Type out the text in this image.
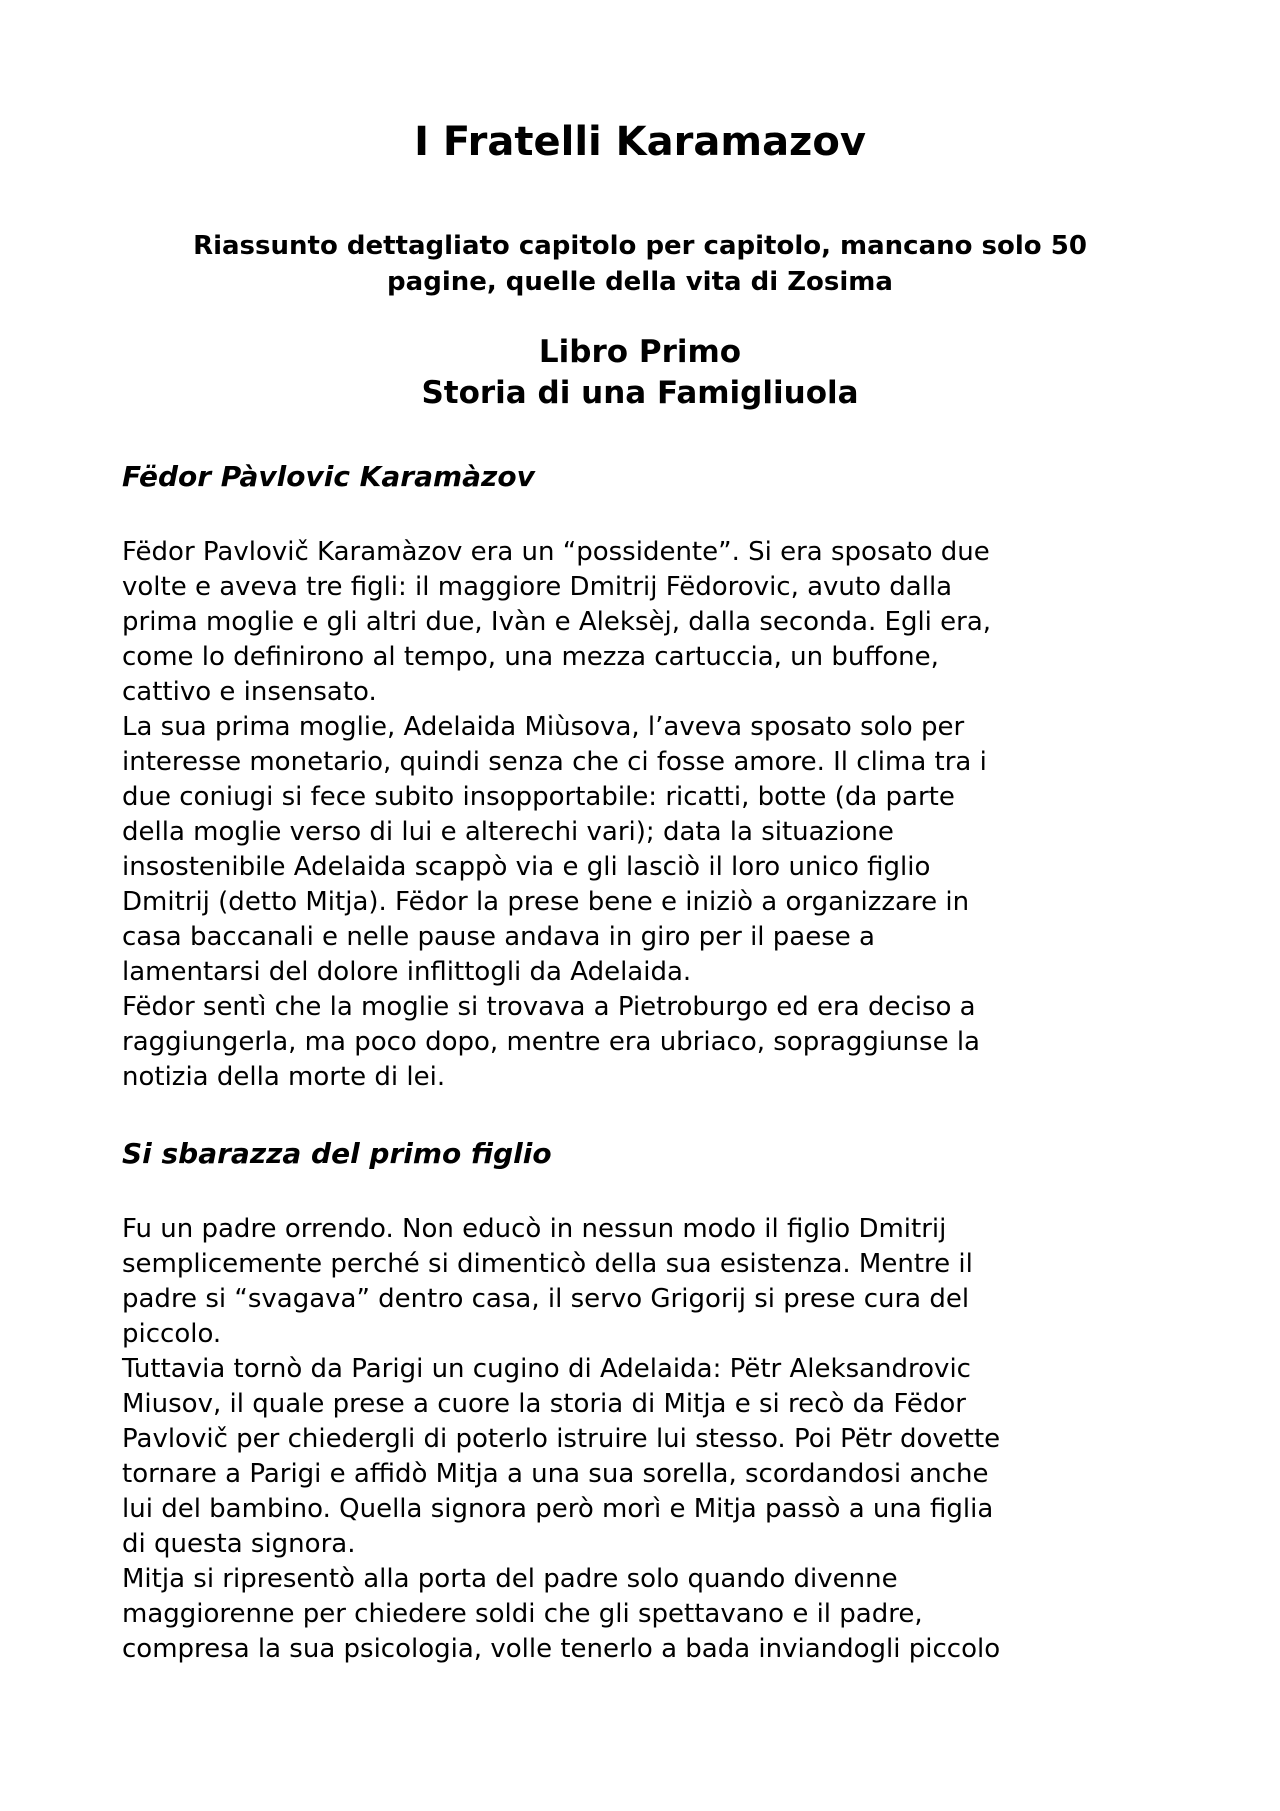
I Fratelli Karamazov
Riassunto dettagliato capitolo per capitolo, mancano solo 50
pagine, quelle della vita di Zosima
Libro Primo
Storia di una Famigliuola
Fëdor Pàvlovic Karamàzov
Fëdor Pavlovič Karamàzov era un “possidente”. Si era sposato due
volte e aveva tre figli: il maggiore Dmitrij Fëdorovic, avuto dalla
prima moglie e gli altri due, Ivàn e Aleksèj, dalla seconda. Egli era,
come lo definirono al tempo, una mezza cartuccia, un buffone,
cattivo e insensato.
La sua prima moglie, Adelaida Miùsova, l’aveva sposato solo per
interesse monetario, quindi senza che ci fosse amore. Il clima tra i
due coniugi si fece subito insopportabile: ricatti, botte (da parte
della moglie verso di lui e alterechi vari); data la situazione
insostenibile Adelaida scappò via e gli lasciò il loro unico figlio
Dmitrij (detto Mitja). Fëdor la prese bene e iniziò a organizzare in
casa baccanali e nelle pause andava in giro per il paese a
lamentarsi del dolore inflittogli da Adelaida.
Fëdor sentì che la moglie si trovava a Pietroburgo ed era deciso a
raggiungerla, ma poco dopo, mentre era ubriaco, sopraggiunse la
notizia della morte di lei.
Si sbarazza del primo figlio
Fu un padre orrendo. Non educò in nessun modo il figlio Dmitrij
semplicemente perché si dimenticò della sua esistenza. Mentre il
padre si “svagava” dentro casa, il servo Grigorij si prese cura del
piccolo.
Tuttavia tornò da Parigi un cugino di Adelaida: Pëtr Aleksandrovic
Miusov, il quale prese a cuore la storia di Mitja e si recò da Fëdor
Pavlovič per chiedergli di poterlo istruire lui stesso. Poi Pëtr dovette
tornare a Parigi e affidò Mitja a una sua sorella, scordandosi anche
lui del bambino. Quella signora però morì e Mitja passò a una figlia
di questa signora.
Mitja si ripresentò alla porta del padre solo quando divenne
maggiorenne per chiedere soldi che gli spettavano e il padre,
compresa la sua psicologia, volle tenerlo a bada inviandogli piccolo
